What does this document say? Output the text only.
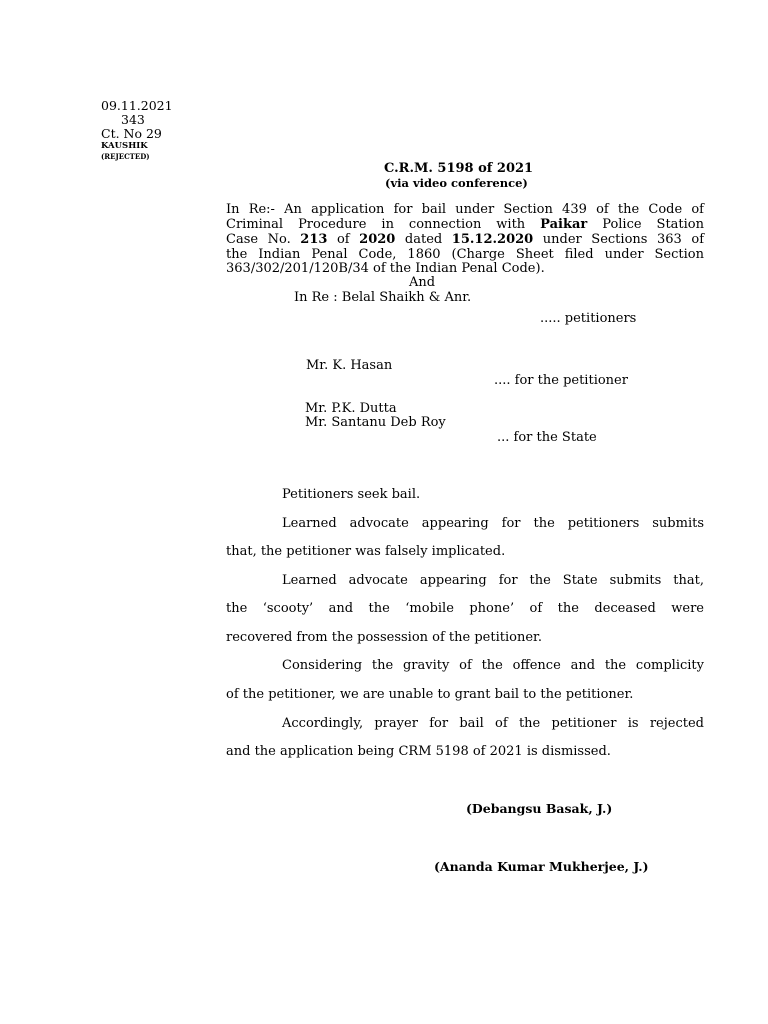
09.11.2021
343
Ct. No 29
KAUSHIK
(REJECTED)
C.R.M. 5198 of 2021
(via video conference)
In Re:- An application for bail under Section 439 of the Code of
Criminal Procedure in connection with Paikar Police Station
Case No. 213 of 2020 dated 15.12.2020 under Sections 363 of
the Indian Penal Code, 1860 (Charge Sheet filed under Section
363/302/201/120B/34 of the Indian Penal Code).
And
In Re : Belal Shaikh & Anr.
..... petitioners
Mr. K. Hasan
.... for the petitioner
Mr. P.K. Dutta
Mr. Santanu Deb Roy
... for the State
Petitioners seek bail.
Learned advocate appearing for the petitioners submits
that, the petitioner was falsely implicated.
Learned advocate appearing for the State submits that,
the ‘scooty’ and the ‘mobile phone’ of the deceased were
recovered from the possession of the petitioner.
Considering the gravity of the offence and the complicity
of the petitioner, we are unable to grant bail to the petitioner.
Accordingly, prayer for bail of the petitioner is rejected
and the application being CRM 5198 of 2021 is dismissed.
(Debangsu Basak, J.)
(Ananda Kumar Mukherjee, J.)
